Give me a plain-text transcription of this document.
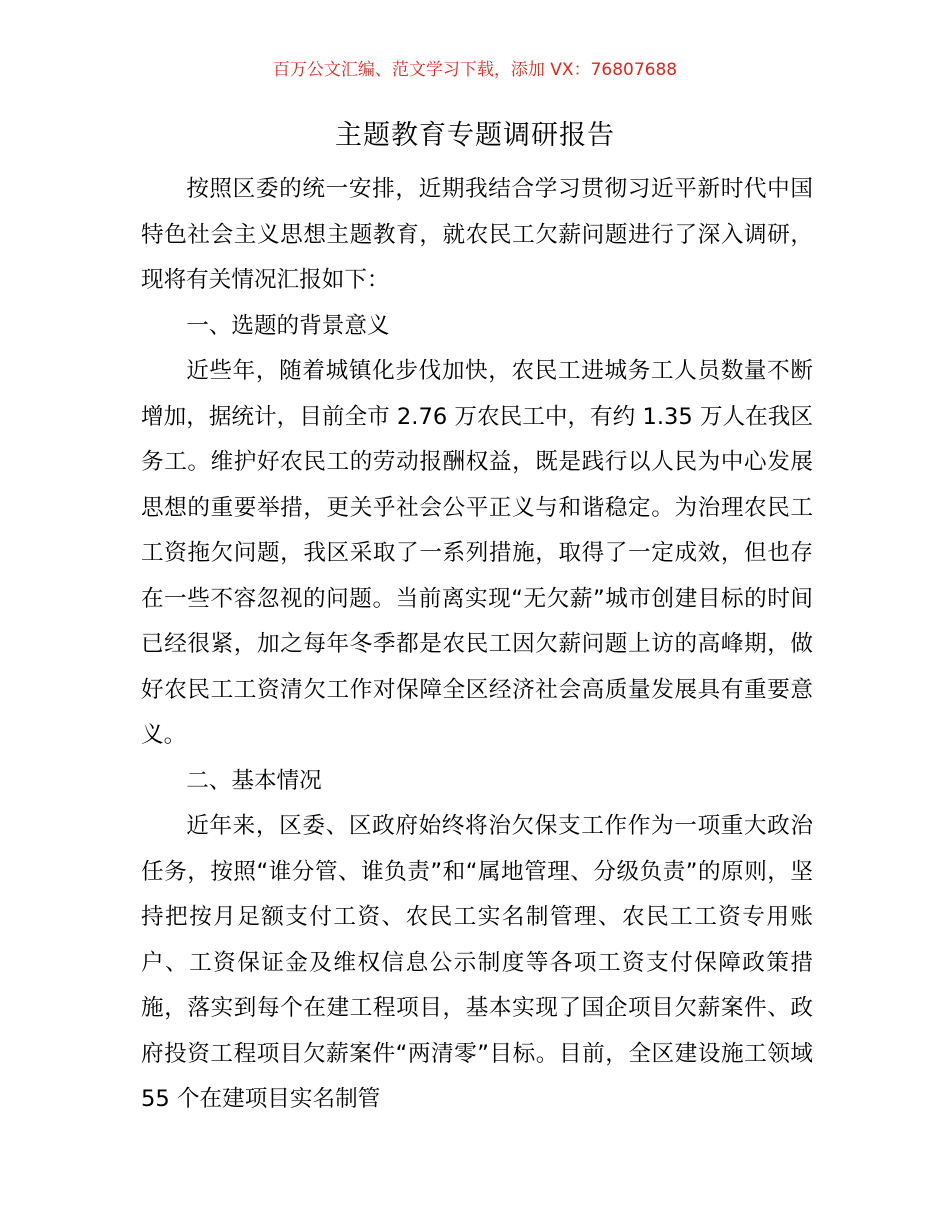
百万公文汇编、范文学习下载，添加 VX：76807688
主题教育专题调研报告

按照区委的统一安排，近期我结合学习贯彻习近平新时代中国特色社会主义思想主题教育，就农民工欠薪问题进行了深入调研，现将有关情况汇报如下：

一、选题的背景意义

近些年，随着城镇化步伐加快，农民工进城务工人员数量不断增加，据统计，目前全市 2.76 万农民工中，有约 1.35 万人在我区务工。维护好农民工的劳动报酬权益，既是践行以人民为中心发展思想的重要举措，更关乎社会公平正义与和谐稳定。为治理农民工工资拖欠问题，我区采取了一系列措施，取得了一定成效，但也存在一些不容忽视的问题。当前离实现“无欠薪”城市创建目标的时间已经很紧，加之每年冬季都是农民工因欠薪问题上访的高峰期，做好农民工工资清欠工作对保障全区经济社会高质量发展具有重要意义。

二、基本情况

近年来，区委、区政府始终将治欠保支工作作为一项重大政治任务，按照“谁分管、谁负责”和“属地管理、分级负责”的原则，坚持把按月足额支付工资、农民工实名制管理、农民工工资专用账户、工资保证金及维权信息公示制度等各项工资支付保障政策措施，落实到每个在建工程项目，基本实现了国企项目欠薪案件、政府投资工程项目欠薪案件“两清零”目标。目前，全区建设施工领域 55 个在建项目实名制管
